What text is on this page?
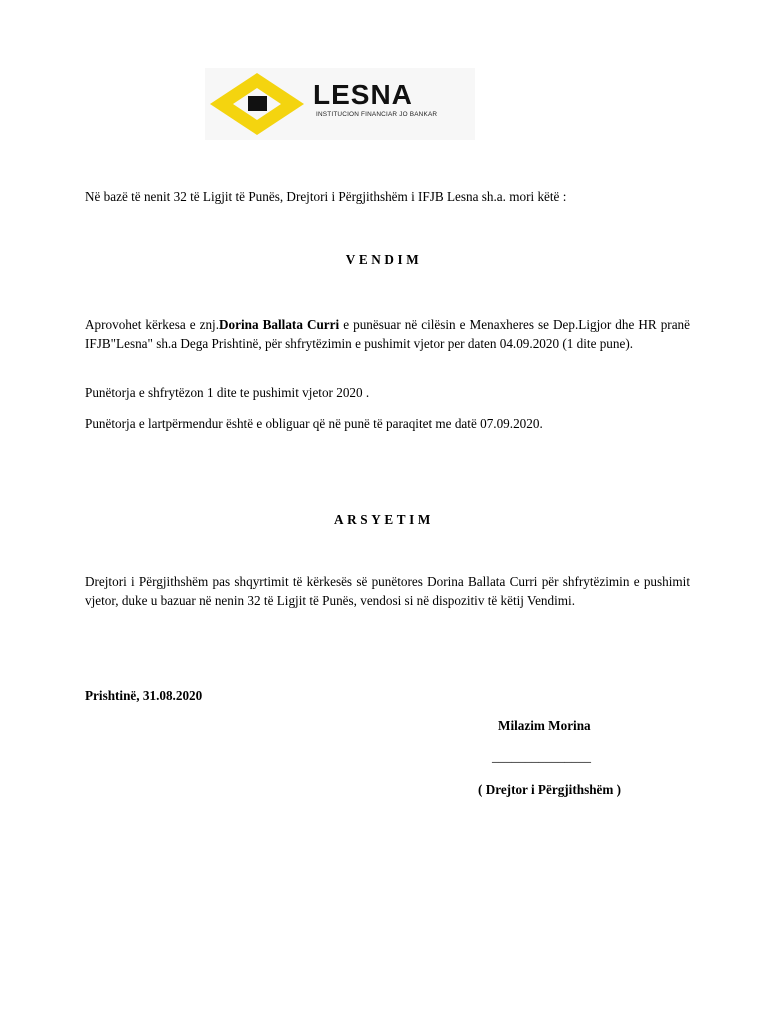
LESNA
INSTITUCION FINANCIAR JO BANKAR

Në bazë të nenit 32 të Ligjit të Punës, Drejtori i Përgjithshëm i IFJB Lesna sh.a. mori këtë :

VENDIM

Aprovohet kërkesa e znj.Dorina Ballata Curri e punësuar në cilësin e Menaxheres se Dep.Ligjor dhe HR pranë IFJB"Lesna" sh.a Dega Prishtinë, për shfrytëzimin e pushimit vjetor per daten 04.09.2020 (1 dite pune).

Punëtorja e shfrytëzon 1 dite te pushimit vjetor 2020 .

Punëtorja e lartpërmendur është e obliguar që në punë të paraqitet me datë 07.09.2020.

ARSYETIM

Drejtori i Përgjithshëm pas shqyrtimit të kërkesës së punëtores Dorina Ballata Curri për shfrytëzimin e pushimit vjetor, duke u bazuar në nenin 32 të Ligjit të Punës, vendosi si në dispozitiv të këtij Vendimi.

Prishtinë, 31.08.2020

Milazim Morina
_______________
( Drejtor i Përgjithshëm )
